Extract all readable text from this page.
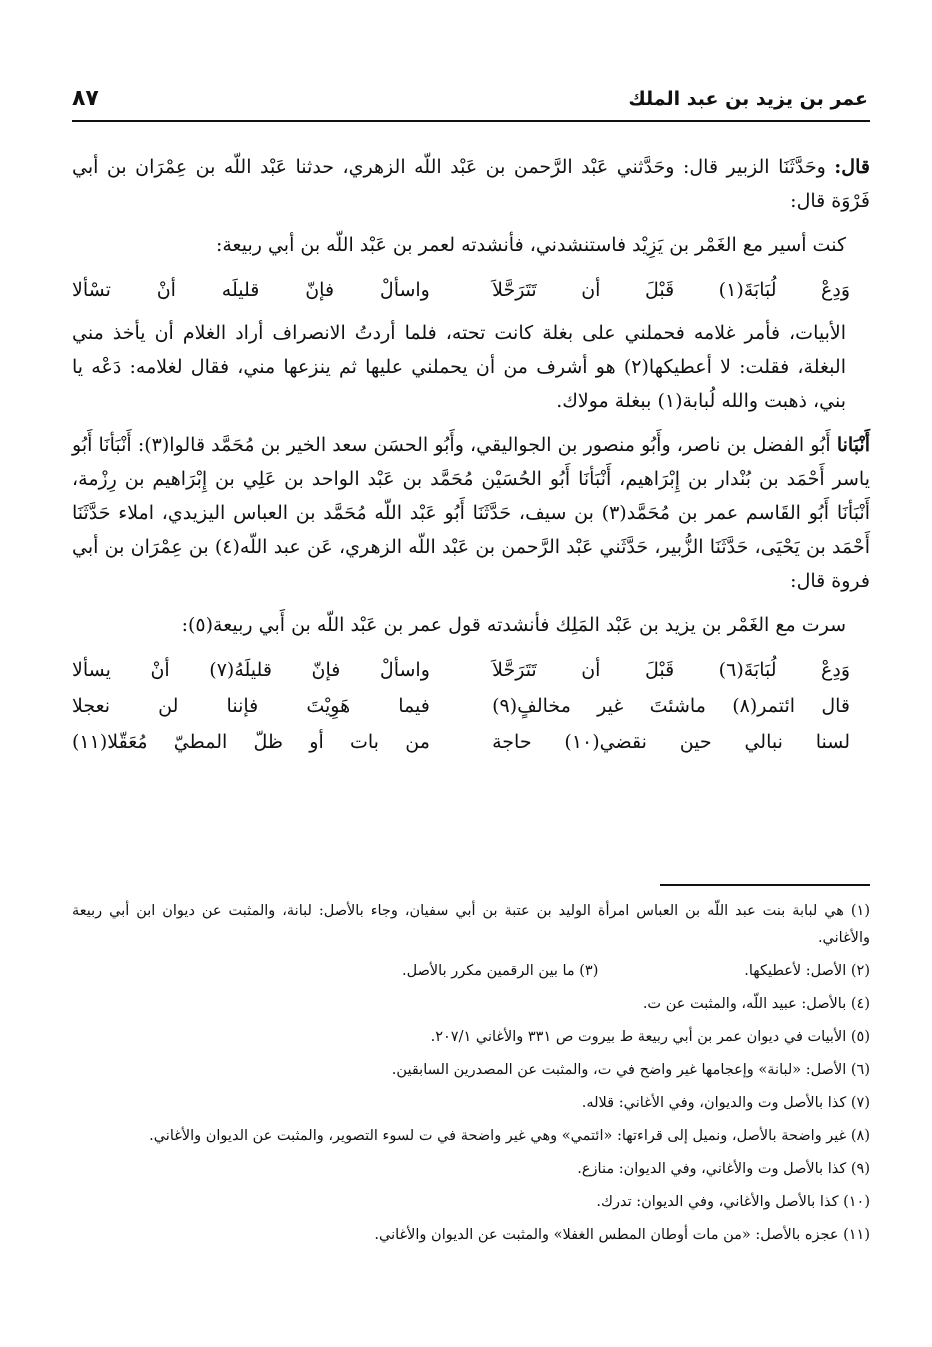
عمر بن يزيد بن عبد الملك
٨٧

قال: وحَدَّثَنَا الزبير قال: وحَدَّثني عَبْد الرَّحمن بن عَبْد اللّه الزهري، حدثنا عَبْد اللّه بن عِمْرَان بن أبي فَرْوَة قال:

كنت أسير مع الغَمْر بن يَزِيْد فاستنشدني، فأنشدته لعمر بن عَبْد اللّه بن أبي ربيعة:

وَدِعْ لُبَابَةَ(١) قَبْلَ أن تَتَرَحَّلاَ
واسألْ فإنّ قليلَه أنْ تسْألا

الأبيات، فأمر غلامه فحملني على بغلة كانت تحته، فلما أردتُ الانصراف أراد الغلام أن يأخذ مني البغلة، فقلت: لا أعطيكها(٢) هو أشرف من أن يحملني عليها ثم ينزعها مني، فقال لغلامه: دَعْه يا بني، ذهبت والله لُبابة(١) ببغلة مولاك.

أَنْبَانا أَبُو الفضل بن ناصر، وأَبُو منصور بن الجواليقي، وأَبُو الحسَن سعد الخير بن مُحَمَّد قالوا(٣): أَنْبَأنَا أَبُو ياسر أَحْمَد بن بُنْدار بن إِبْرَاهيم، أَنْبَأنَا أَبُو الحُسَيْن مُحَمَّد بن عَبْد الواحد بن عَلِي بن إِبْرَاهيم بن رِزْمة، أَنْبَأنَا أَبُو القَاسم عمر بن مُحَمَّد(٣) بن سيف، حَدَّثَنَا أَبُو عَبْد اللّه مُحَمَّد بن العباس اليزيدي، املاء حَدَّثَنَا أَحْمَد بن يَحْيَى، حَدَّثَنَا الزُّبير، حَدَّثَني عَبْد الرَّحمن بن عَبْد اللّه الزهري، عَن عبد اللّه(٤) بن عِمْرَان بن أبي فروة قال:

سرت مع الغَمْر بن يزيد بن عَبْد المَلِك فأنشدته قول عمر بن عَبْد اللّه بن أَبي ربيعة(٥):

وَدِعْ لُبَابَةَ(٦) قَبْلَ أن تَتَرَحَّلاَ
واسألْ فإنّ قليلَهُ(٧) أنْ يسألا
قال ائتمر(٨) ماشئتَ غير مخالفٍ(٩)
فيما هَوِيْتَ فإننا لن نعجلا
لسنا نبالي حين نقضي(١٠) حاجة
من بات أو ظلّ المطيّ مُعَقّلا(١١)

(١) هي لبابة بنت عبد اللّه بن العباس امرأة الوليد بن عتبة بن أبي سفيان، وجاء بالأصل: لبانة، والمثبت عن ديوان ابن أبي ربيعة والأغاني.

(٢) الأصل: لأعطيكها.

(٣) ما بين الرقمين مكرر بالأصل.

(٤) بالأصل: عبيد اللّه، والمثبت عن ت.

(٥) الأبيات في ديوان عمر بن أبي ربيعة ط بيروت ص ٣٣١ والأغاني ٢٠٧/١.

(٦) الأصل: «لبانة» وإعجامها غير واضح في ت، والمثبت عن المصدرين السابقين.

(٧) كذا بالأصل وت والديوان، وفي الأغاني: قلاله.

(٨) غير واضحة بالأصل، ونميل إلى قراءتها: «ائتمي» وهي غير واضحة في ت لسوء التصوير، والمثبت عن الديوان والأغاني.

(٩) كذا بالأصل وت والأغاني، وفي الديوان: منازع.

(١٠) كذا بالأصل والأغاني، وفي الديوان: تدرك.

(١١) عجزه بالأصل: «من مات أوطان المطس الغفلا» والمثبت عن الديوان والأغاني.
